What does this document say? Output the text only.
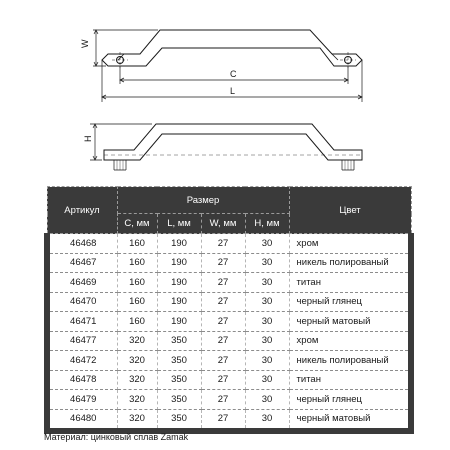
W
C
L
H
Артикул	Размер				Цвет
	C, мм	L, мм	W, мм	H, мм	
46468	160	190	27	30	хром
46467	160	190	27	30	никель полированый
46469	160	190	27	30	титан
46470	160	190	27	30	черный глянец
46471	160	190	27	30	черный матовый
46477	320	350	27	30	хром
46472	320	350	27	30	никель полированый
46478	320	350	27	30	титан
46479	320	350	27	30	черный глянец
46480	320	350	27	30	черный матовый
Материал: цинковый сплав Zamak
